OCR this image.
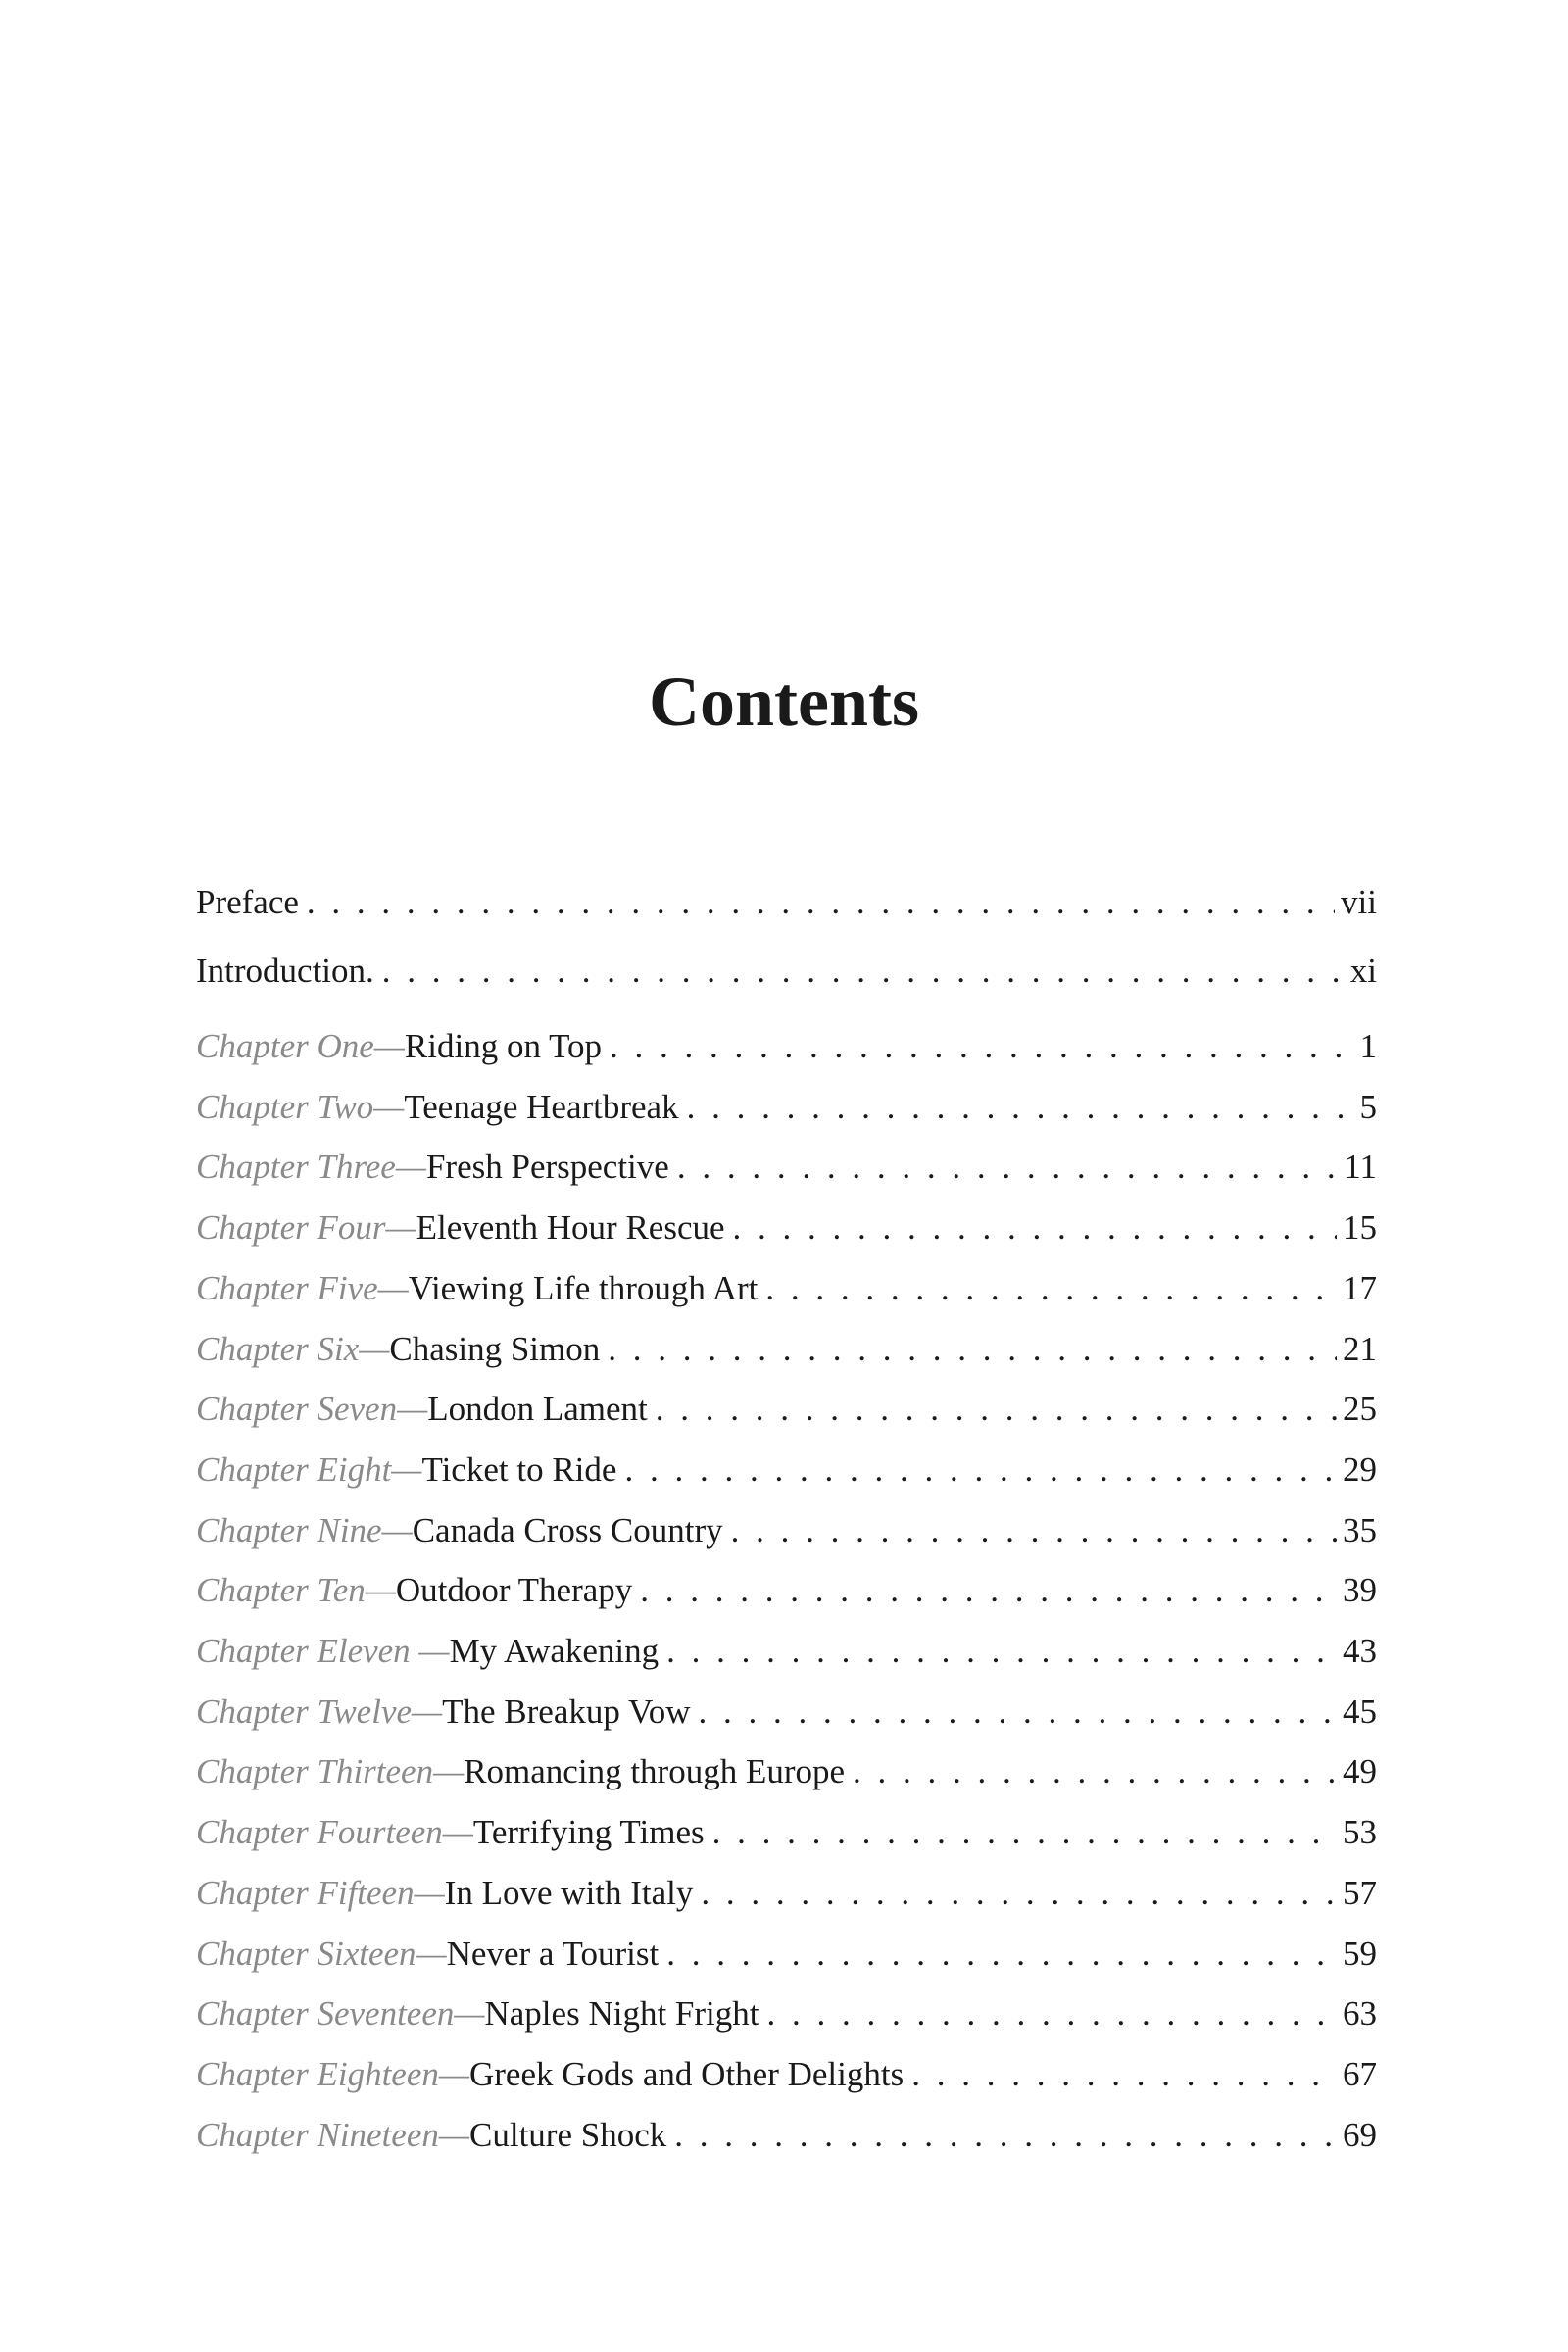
Contents
Preface . . .	vii
Introduction. . . .	xi
Chapter One— Riding on Top . . .	1
Chapter Two— Teenage Heartbreak . . .	5
Chapter Three— Fresh Perspective . . .	11
Chapter Four— Eleventh Hour Rescue . . .	15
Chapter Five— Viewing Life through Art . . .	17
Chapter Six— Chasing Simon . . .	21
Chapter Seven— London Lament . . .	25
Chapter Eight— Ticket to Ride . . .	29
Chapter Nine— Canada Cross Country . . .	35
Chapter Ten— Outdoor Therapy . . .	39
Chapter Eleven — My Awakening . . .	43
Chapter Twelve— The Breakup Vow . . .	45
Chapter Thirteen— Romancing through Europe . . .	49
Chapter Fourteen— Terrifying Times . . .	53
Chapter Fifteen— In Love with Italy . . .	57
Chapter Sixteen— Never a Tourist . . .	59
Chapter Seventeen— Naples Night Fright . . .	63
Chapter Eighteen— Greek Gods and Other Delights . . .	67
Chapter Nineteen— Culture Shock . . .	69
